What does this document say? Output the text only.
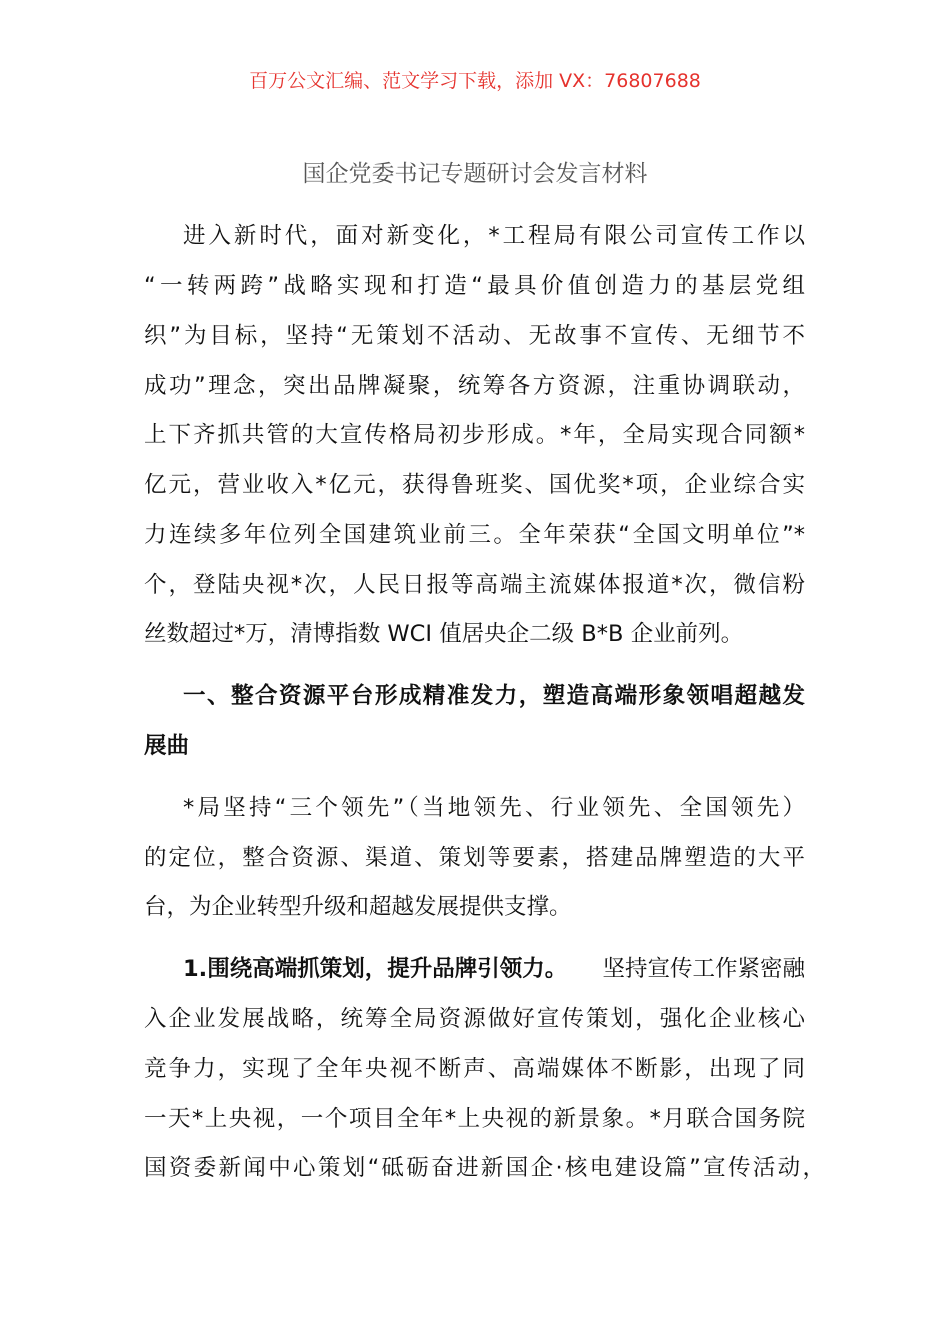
百万公文汇编、范文学习下载，添加 VX：76807688
国企党委书记专题研讨会发言材料
进入新时代，面对新变化，*工程局有限公司宣传工作以
“一转两跨”战略实现和打造“最具价值创造力的基层党组
织”为目标，坚持“无策划不活动、无故事不宣传、无细节不
成功”理念，突出品牌凝聚，统筹各方资源，注重协调联动，
上下齐抓共管的大宣传格局初步形成。*年，全局实现合同额*
亿元，营业收入*亿元，获得鲁班奖、国优奖*项，企业综合实
力连续多年位列全国建筑业前三。全年荣获“全国文明单位”*
个，登陆央视*次，人民日报等高端主流媒体报道*次，微信粉
丝数超过*万，清博指数 WCI 值居央企二级 B*B 企业前列。
一、整合资源平台形成精准发力，塑造高端形象领唱超越发
展曲
*局坚持“三个领先”（当地领先、行业领先、全国领先）
的定位，整合资源、渠道、策划等要素，搭建品牌塑造的大平
台，为企业转型升级和超越发展提供支撑。
1.围绕高端抓策划，提升品牌引领力。 坚持宣传工作紧密融
入企业发展战略，统筹全局资源做好宣传策划，强化企业核心
竞争力，实现了全年央视不断声、高端媒体不断影，出现了同
一天*上央视，一个项目全年*上央视的新景象。*月联合国务院
国资委新闻中心策划“砥砺奋进新国企·核电建设篇”宣传活动，
